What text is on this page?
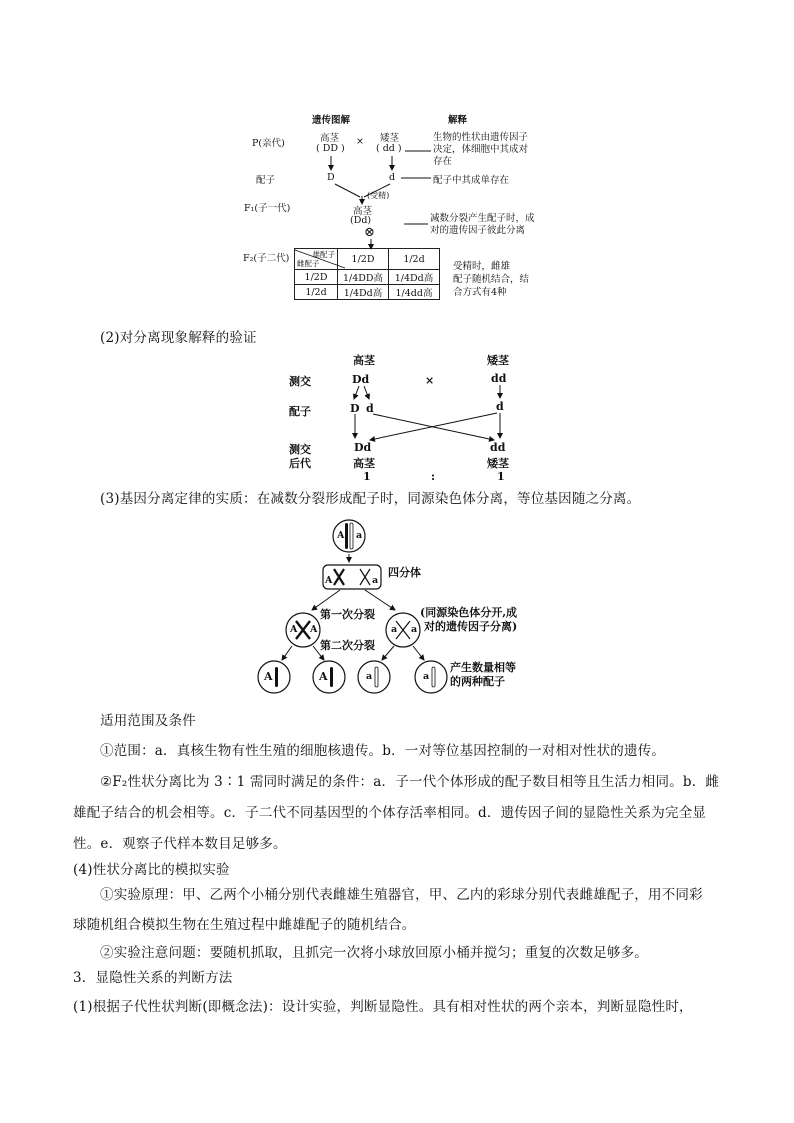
遗传图解	解释
P(亲代)	高茎
( DD )
× 矮茎
( dd )
生物的性状由遗传因子
决定，体细胞中其成对
存在
配子	D	d	配子中其成单存在
(受精)
F₁(子一代)	高茎
(Dd)
⊗
减数分裂产生配子时，成
对的遗传因子彼此分离
F₂(子二代)	雄配子
雌配子	1/2D	1/2d
1/2D	1/4DD高	1/4Dd高
1/2d	1/4Dd高	1/4dd高
受精时，雌雄
配子随机结合，结
合方式有4种
(2)对分离现象解释的验证
高茎	矮茎
测交	Dd	×	dd
配子	D d	d
测交
后代
Dd
高茎
dd
矮茎
1	:	1
(3)基因分离定律的实质：在减数分裂形成配子时，同源染色体分离，等位基因随之分离。
A a
A	a
四分体
第一次分裂
第二次分裂
(同源染色体分开,成
对的遗传因子分离)
A A	a a
A	A	a	a
产生数量相等
的两种配子
适用范围及条件
①范围：a．真核生物有性生殖的细胞核遗传。b．一对等位基因控制的一对相对性状的遗传。
②F₂性状分离比为 3∶1 需同时满足的条件：a．子一代个体形成的配子数目相等且生活力相同。b．雌
雄配子结合的机会相等。c．子二代不同基因型的个体存活率相同。d．遗传因子间的显隐性关系为完全显
性。e．观察子代样本数目足够多。
(4)性状分离比的模拟实验
①实验原理：甲、乙两个小桶分别代表雌雄生殖器官，甲、乙内的彩球分别代表雌雄配子，用不同彩
球随机组合模拟生物在生殖过程中雌雄配子的随机结合。
②实验注意问题：要随机抓取，且抓完一次将小球放回原小桶并搅匀；重复的次数足够多。
3．显隐性关系的判断方法
(1)根据子代性状判断(即概念法)：设计实验，判断显隐性。具有相对性状的两个亲本，判断显隐性时，
